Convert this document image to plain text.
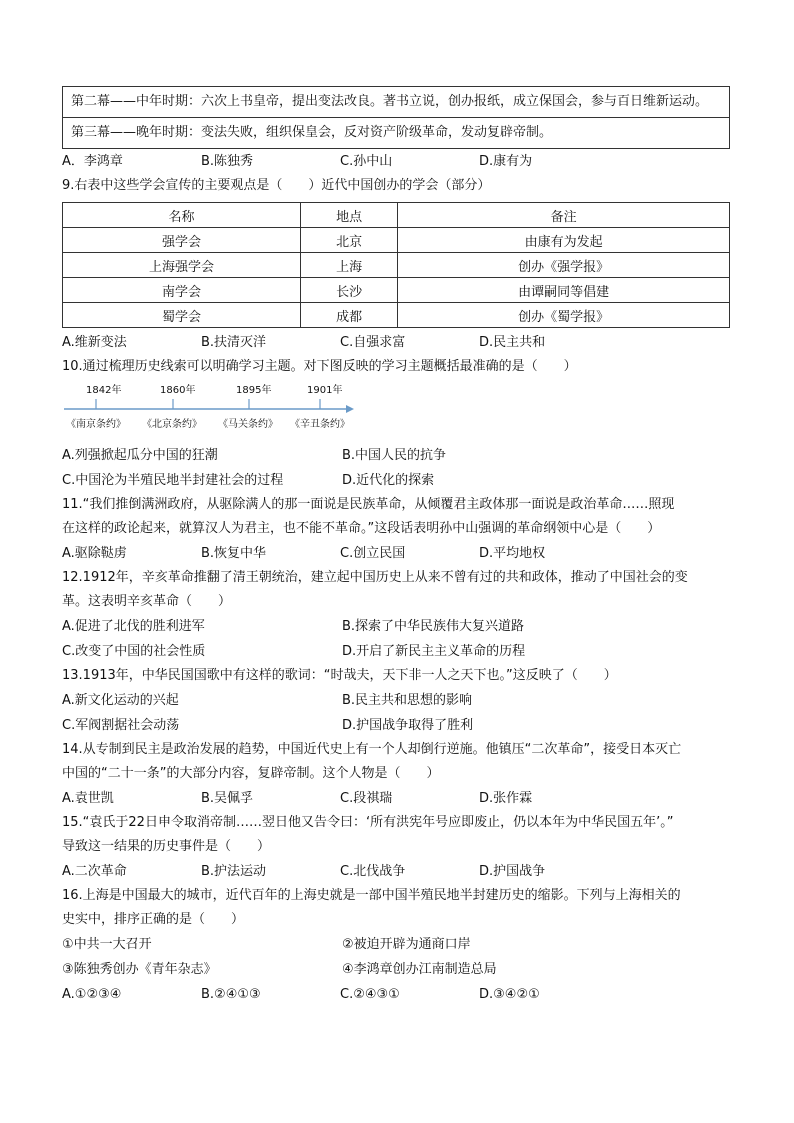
第二幕——中年时期：六次上书皇帝，提出变法改良。著书立说，创办报纸，成立保国会，参与百日维新运动。
第三幕——晚年时期：变法失败，组织保皇会，反对资产阶级革命，发动复辟帝制。
A．李鸿章	B.陈独秀	C.孙中山	D.康有为
9.右表中这些学会宣传的主要观点是（　　）近代中国创办的学会（部分）
名称	地点	备注
强学会	北京	由康有为发起
上海强学会	上海	创办《强学报》
南学会	长沙	由谭嗣同等倡建
蜀学会	成都	创办《蜀学报》
A.维新变法	B.扶清灭洋	C.自强求富	D.民主共和
10.通过梳理历史线索可以明确学习主题。对下图反映的学习主题概括最准确的是（　　）
1842年	1860年	1895年	1901年
《南京条约》 《北京条约》 《马关条约》 《辛丑条约》
A.列强掀起瓜分中国的狂潮	B.中国人民的抗争
C.中国沦为半殖民地半封建社会的过程	D.近代化的探索
11.“我们推倒满洲政府，从驱除满人的那一面说是民族革命，从倾覆君主政体那一面说是政治革命……照现
在这样的政论起来，就算汉人为君主，也不能不革命。”这段话表明孙中山强调的革命纲领中心是（　　）
A.驱除鞑虏	B.恢复中华	C.创立民国	D.平均地权
12.1912年，辛亥革命推翻了清王朝统治，建立起中国历史上从来不曾有过的共和政体，推动了中国社会的变
革。这表明辛亥革命（　　）
A.促进了北伐的胜利进军	B.探索了中华民族伟大复兴道路
C.改变了中国的社会性质	D.开启了新民主主义革命的历程
13.1913年，中华民国国歌中有这样的歌词：“时哉夫，天下非一人之天下也。”这反映了（　　）
A.新文化运动的兴起	B.民主共和思想的影响
C.军阀割据社会动荡	D.护国战争取得了胜利
14.从专制到民主是政治发展的趋势，中国近代史上有一个人却倒行逆施。他镇压“二次革命”，接受日本灭亡
中国的“二十一条”的大部分内容，复辟帝制。这个人物是（　　）
A.袁世凯	B.吴佩孚	C.段祺瑞	D.张作霖
15.“袁氏于22日申令取消帝制……翌日他又告令曰：‘所有洪宪年号应即废止，仍以本年为中华民国五年’。”
导致这一结果的历史事件是（　　）
A.二次革命	B.护法运动	C.北伐战争	D.护国战争
16.上海是中国最大的城市，近代百年的上海史就是一部中国半殖民地半封建历史的缩影。下列与上海相关的
史实中，排序正确的是（　　）
①中共一大召开	②被迫开辟为通商口岸
③陈独秀创办《青年杂志》	④李鸿章创办江南制造总局
A.①②③④	B.②④①③	C.②④③①	D.③④②①
